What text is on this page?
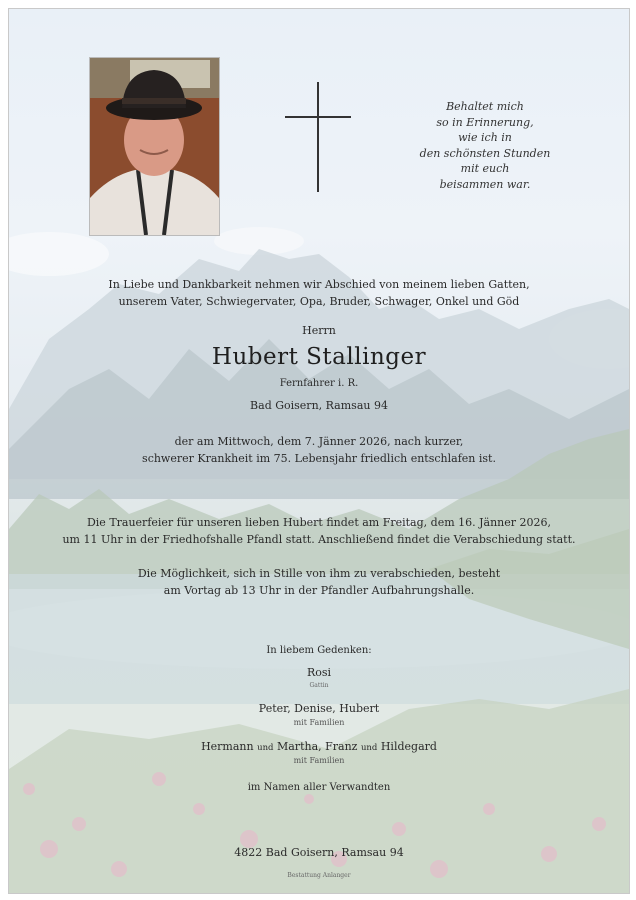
Behaltet mich
so in Erinnerung,
wie ich in
den schönsten Stunden
mit euch
beisammen war.
In Liebe und Dankbarkeit nehmen wir Abschied von meinem lieben Gatten,
unserem Vater, Schwiegervater, Opa, Bruder, Schwager, Onkel und Göd
Herrn
Hubert Stallinger
Fernfahrer i. R.
Bad Goisern, Ramsau 94
der am Mittwoch, dem 7. Jänner 2026, nach kurzer,
schwerer Krankheit im 75. Lebensjahr friedlich entschlafen ist.
Die Trauerfeier für unseren lieben Hubert findet am Freitag, dem 16. Jänner 2026,
um 11 Uhr in der Friedhofshalle Pfandl statt. Anschließend findet die Verabschiedung statt.
Die Möglichkeit, sich in Stille von ihm zu verabschieden, besteht
am Vortag ab 13 Uhr in der Pfandler Aufbahrungshalle.
In liebem Gedenken:
Rosi
Gattin
Peter, Denise, Hubert
mit Familien
Hermann und Martha, Franz und Hildegard
mit Familien
im Namen aller Verwandten
4822 Bad Goisern, Ramsau 94
Bestattung Anlanger
